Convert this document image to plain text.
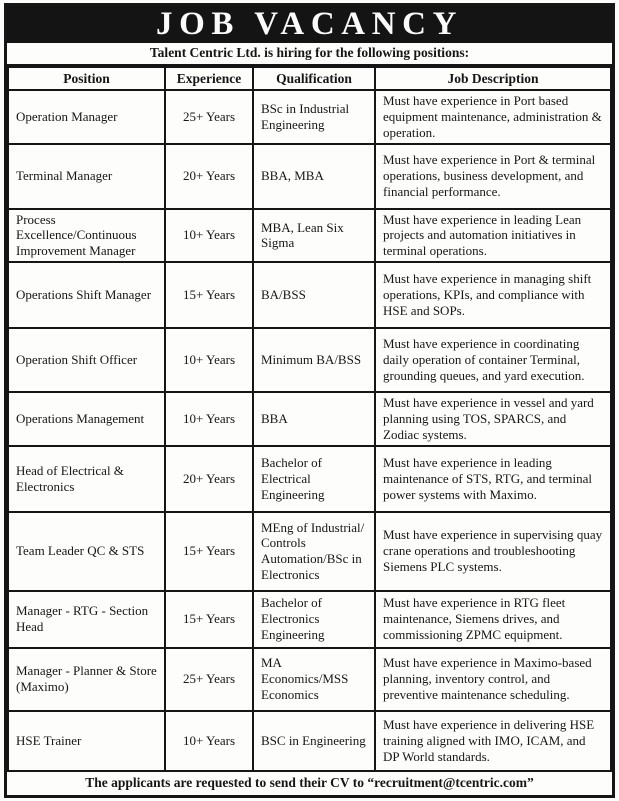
JOB VACANCY
Talent Centric Ltd. is hiring for the following positions:
Position	Experience	Qualification	Job Description
Operation Manager	25+ Years	BSc in Industrial Engineering	Must have experience in Port based equipment maintenance, administration & operation.
Terminal Manager	20+ Years	BBA, MBA	Must have experience in Port & terminal operations, business development, and financial performance.
Process Excellence/Continuous Improvement Manager	10+ Years	MBA, Lean Six Sigma	Must have experience in leading Lean projects and automation initiatives in terminal operations.
Operations Shift Manager	15+ Years	BA/BSS	Must have experience in managing shift operations, KPIs, and compliance with HSE and SOPs.
Operation Shift Officer	10+ Years	Minimum BA/BSS	Must have experience in coordinating daily operation of container Terminal, grounding queues, and yard execution.
Operations Management	10+ Years	BBA	Must have experience in vessel and yard planning using TOS, SPARCS, and Zodiac systems.
Head of Electrical & Electronics	20+ Years	Bachelor of Electrical Engineering	Must have experience in leading maintenance of STS, RTG, and terminal power systems with Maximo.
Team Leader QC & STS	15+ Years	MEng of Industrial/ Controls Automation/BSc in Electronics	Must have experience in supervising quay crane operations and troubleshooting Siemens PLC systems.
Manager - RTG - Section Head	15+ Years	Bachelor of Electronics Engineering	Must have experience in RTG fleet maintenance, Siemens drives, and commissioning ZPMC equipment.
Manager - Planner & Store (Maximo)	25+ Years	MA Economics/MSS Economics	Must have experience in Maximo-based planning, inventory control, and preventive maintenance scheduling.
HSE Trainer	10+ Years	BSC in Engineering	Must have experience in delivering HSE training aligned with IMO, ICAM, and DP World standards.
The applicants are requested to send their CV to “recruitment@tcentric.com”
